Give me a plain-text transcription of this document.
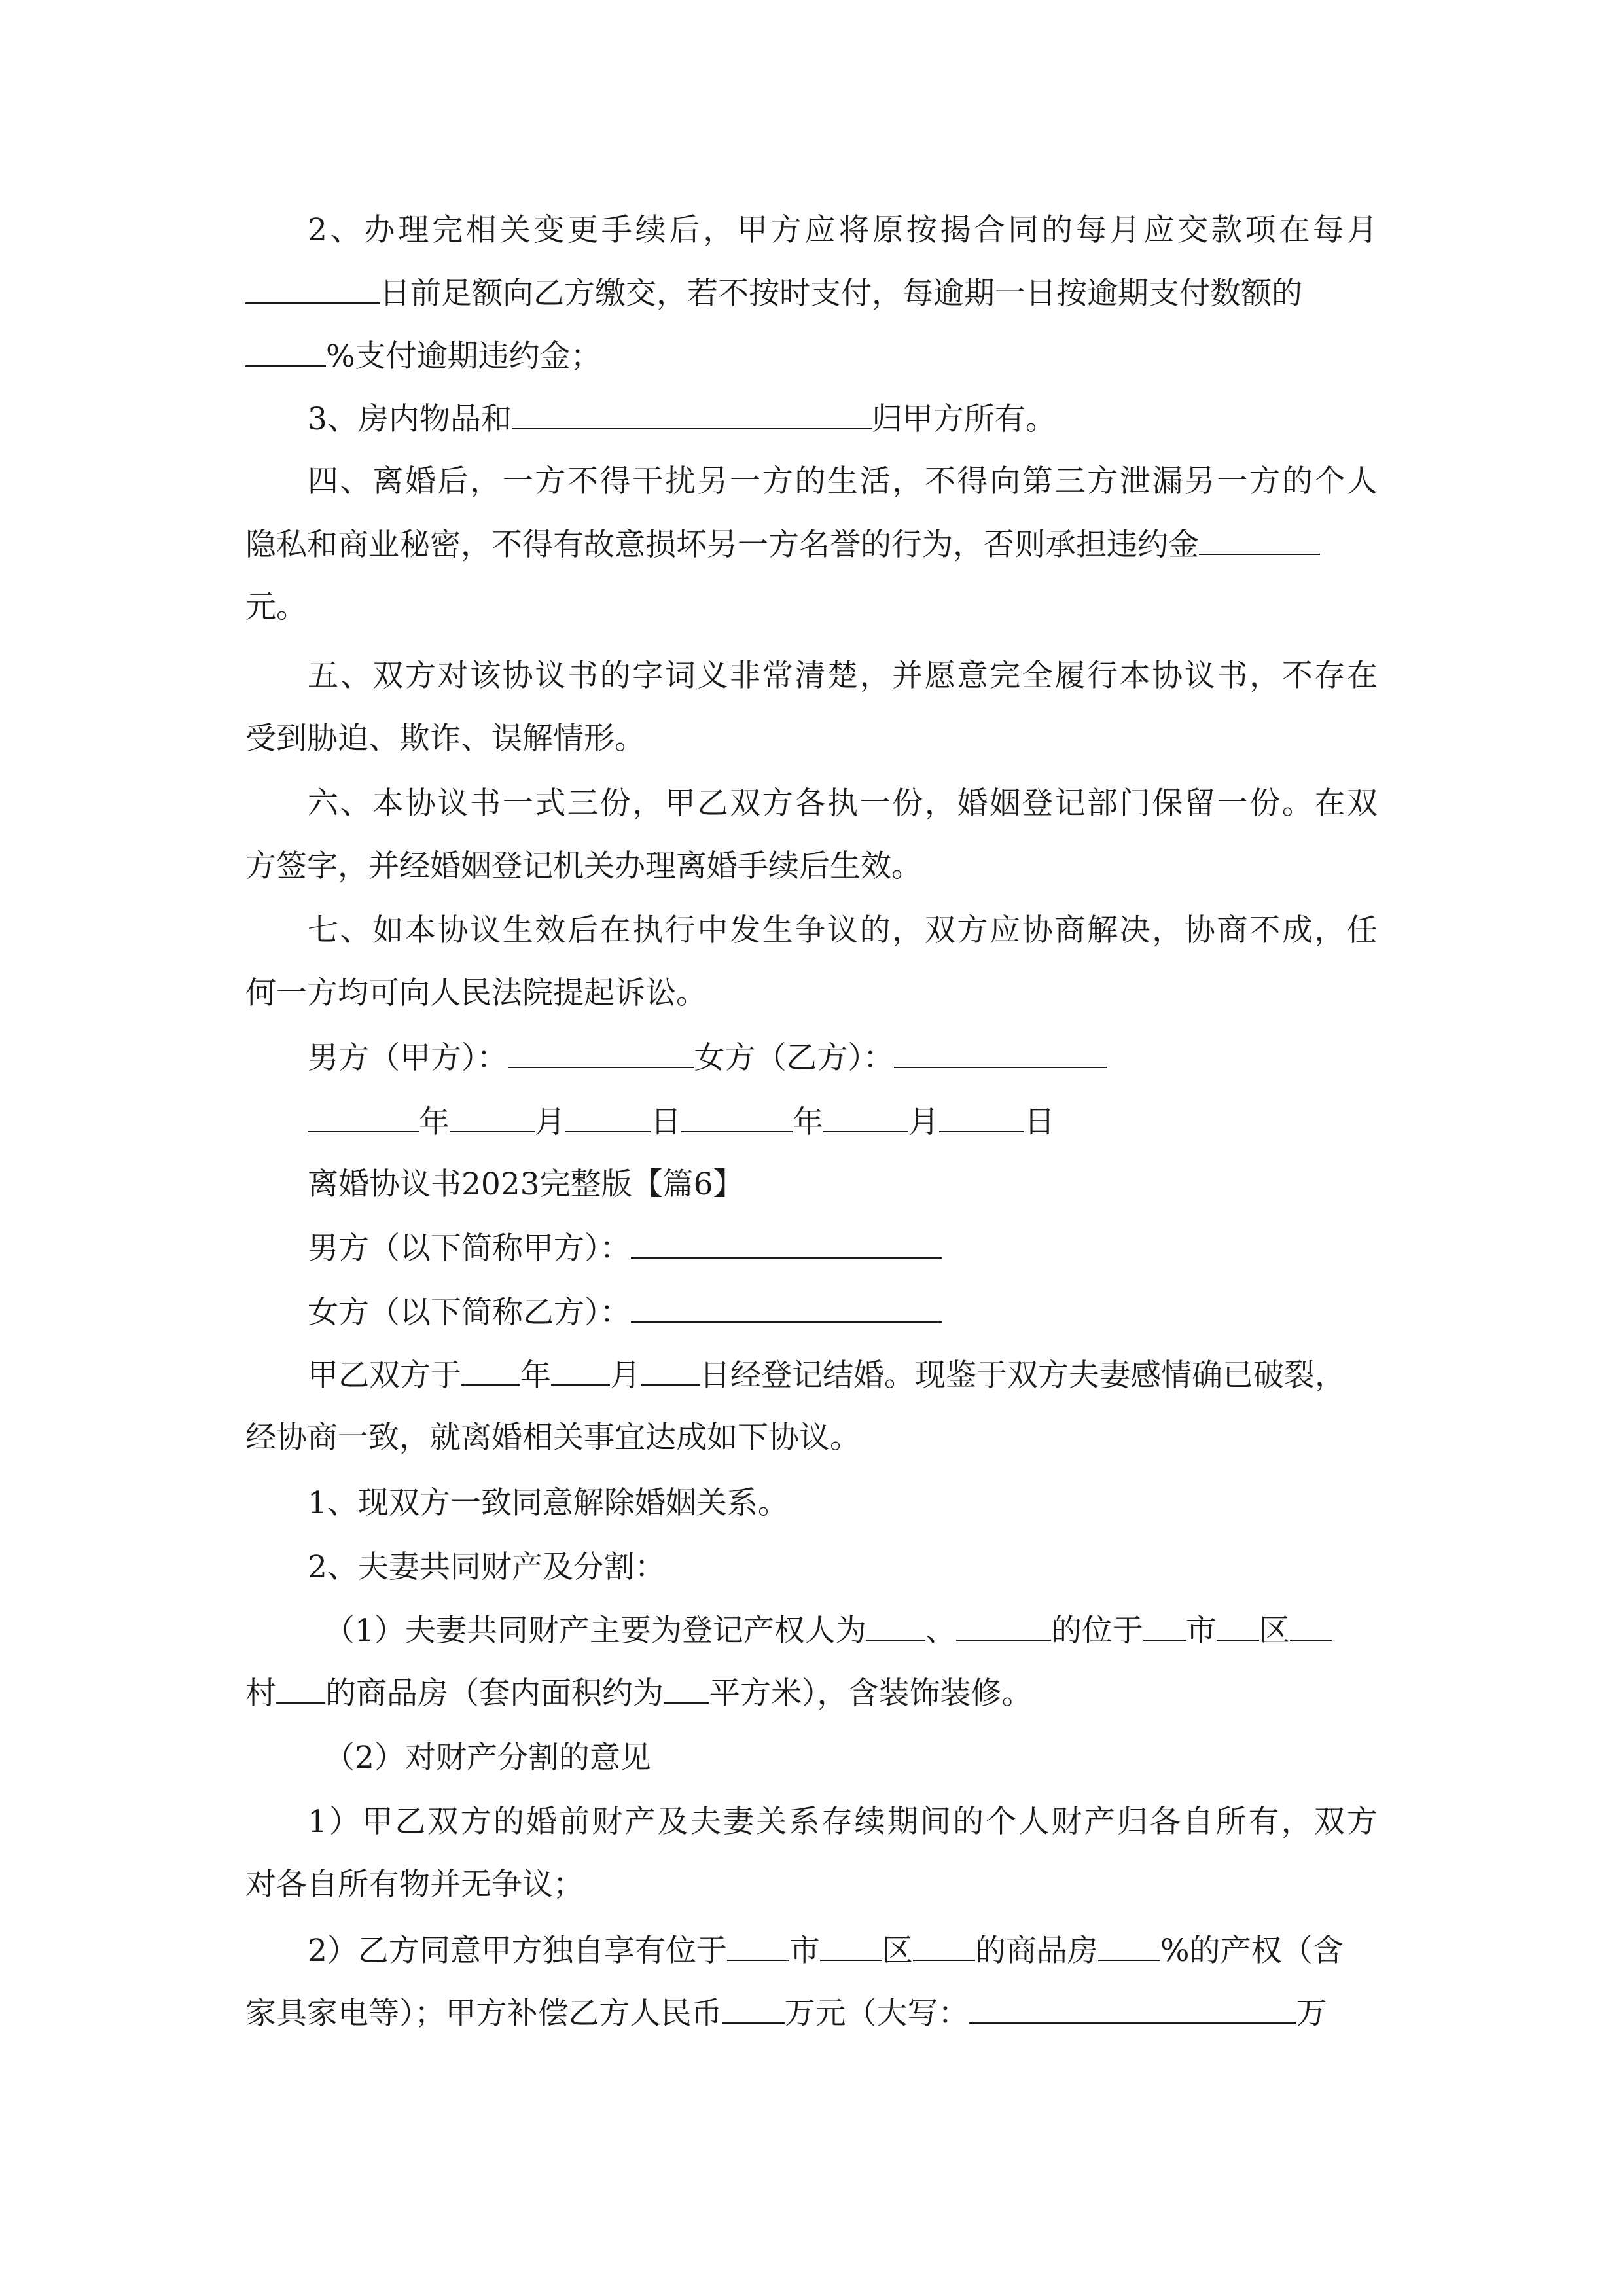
2、办理完相关变更手续后，甲方应将原按揭合同的每月应交款项在每月
日前足额向乙方缴交，若不按时支付，每逾期一日按逾期支付数额的
%支付逾期违约金；
3、房内物品和	归甲方所有。
四、离婚后，一方不得干扰另一方的生活，不得向第三方泄漏另一方的个人
隐私和商业秘密，不得有故意损坏另一方名誉的行为，否则承担违约金
元。
五、双方对该协议书的字词义非常清楚，并愿意完全履行本协议书，不存在
受到胁迫、欺诈、误解情形。
六、本协议书一式三份，甲乙双方各执一份，婚姻登记部门保留一份。在双
方签字，并经婚姻登记机关办理离婚手续后生效。
七、如本协议生效后在执行中发生争议的，双方应协商解决，协商不成，任
何一方均可向人民法院提起诉讼。
男方（甲方）：	女方（乙方）：
年	月	日	年	月	日
离婚协议书2023完整版【篇6】
男方（以下简称甲方）：
女方（以下简称乙方）：
甲乙双方于 年 月 日经登记结婚。现鉴于双方夫妻感情确已破裂，
经协商一致，就离婚相关事宜达成如下协议。
1、现双方一致同意解除婚姻关系。
2、夫妻共同财产及分割：
（1）夫妻共同财产主要为登记产权人为 、	的位于 市 区
村 的商品房（套内面积约为 平方米），含装饰装修。
（2）对财产分割的意见
1）甲乙双方的婚前财产及夫妻关系存续期间的个人财产归各自所有，双方
对各自所有物并无争议；
2）乙方同意甲方独自享有位于 市 区 的商品房 %的产权（含
家具家电等）；甲方补偿乙方人民币 万元（大写：	万
